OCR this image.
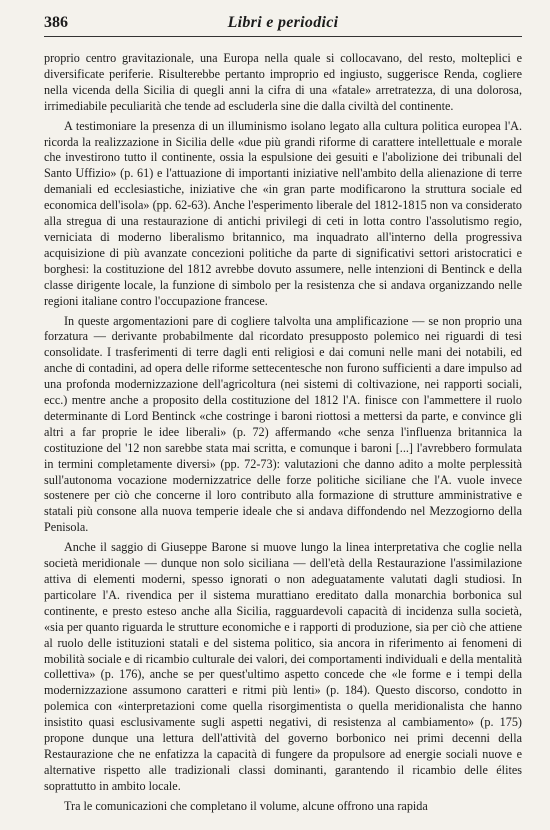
386	Libri e periodici

proprio centro gravitazionale, una Europa nella quale si collocavano, del resto, molteplici e diversificate periferie. Risulterebbe pertanto improprio ed ingiusto, suggerisce Renda, cogliere nella vicenda della Sicilia di quegli anni la cifra di una «fatale» arretratezza, di una dolorosa, irrimediabile peculiarità che tende ad escluderla sine die dalla civiltà del continente.

A testimoniare la presenza di un illuminismo isolano legato alla cultura politica europea l'A. ricorda la realizzazione in Sicilia delle «due più grandi riforme di carattere intellettuale e morale che investirono tutto il continente, ossia la espulsione dei gesuiti e l'abolizione dei tribunali del Santo Uffizio» (p. 61) e l'attuazione di importanti iniziative nell'ambito della alienazione di terre demaniali ed ecclesiastiche, iniziative che «in gran parte modificarono la struttura sociale ed economica dell'isola» (pp. 62-63). Anche l'esperimento liberale del 1812-1815 non va considerato alla stregua di una restaurazione di antichi privilegi di ceti in lotta contro l'assolutismo regio, verniciata di moderno liberalismo britannico, ma inquadrato all'interno della progressiva acquisizione di più avanzate concezioni politiche da parte di significativi settori aristocratici e borghesi: la costituzione del 1812 avrebbe dovuto assumere, nelle intenzioni di Bentinck e della classe dirigente locale, la funzione di simbolo per la resistenza che si andava organizzando nelle regioni italiane contro l'occupazione francese.

In queste argomentazioni pare di cogliere talvolta una amplificazione — se non proprio una forzatura — derivante probabilmente dal ricordato presupposto polemico nei riguardi di tesi consolidate. I trasferimenti di terre dagli enti religiosi e dai comuni nelle mani dei notabili, ed anche di contadini, ad opera delle riforme settecentesche non furono sufficienti a dare impulso ad una profonda modernizzazione dell'agricoltura (nei sistemi di coltivazione, nei rapporti sociali, ecc.) mentre anche a proposito della costituzione del 1812 l'A. finisce con l'ammettere il ruolo determinante di Lord Bentinck «che costringe i baroni riottosi a mettersi da parte, e convince gli altri a far proprie le idee liberali» (p. 72) affermando «che senza l'influenza britannica la costituzione del '12 non sarebbe stata mai scritta, e comunque i baroni [...] l'avrebbero formulata in termini completamente diversi» (pp. 72-73): valutazioni che danno adito a molte perplessità sull'autonoma vocazione modernizzatrice delle forze politiche siciliane che l'A. vuole invece sostenere per ciò che concerne il loro contributo alla formazione di strutture amministrative e statali più consone alla nuova temperie ideale che si andava diffondendo nel Mezzogiorno della Penisola.

Anche il saggio di Giuseppe Barone si muove lungo la linea interpretativa che coglie nella società meridionale — dunque non solo siciliana — dell'età della Restaurazione l'assimilazione attiva di elementi moderni, spesso ignorati o non adeguatamente valutati dagli studiosi. In particolare l'A. rivendica per il sistema murattiano ereditato dalla monarchia borbonica sul continente, e presto esteso anche alla Sicilia, ragguardevoli capacità di incidenza sulla società, «sia per quanto riguarda le strutture economiche e i rapporti di produzione, sia per ciò che attiene al ruolo delle istituzioni statali e del sistema politico, sia ancora in riferimento ai fenomeni di mobilità sociale e di ricambio culturale dei valori, dei comportamenti individuali e della mentalità collettiva» (p. 176), anche se per quest'ultimo aspetto concede che «le forme e i tempi della modernizzazione assumono caratteri e ritmi più lenti» (p. 184). Questo discorso, condotto in polemica con «interpretazioni come quella risorgimentista o quella meridionalista che hanno insistito quasi esclusivamente sugli aspetti negativi, di resistenza al cambiamento» (p. 175) propone dunque una lettura dell'attività del governo borbonico nei primi decenni della Restaurazione che ne enfatizza la capacità di fungere da propulsore ad energie sociali nuove e alternative rispetto alle tradizionali classi dominanti, garantendo il ricambio delle élites soprattutto in ambito locale.

Tra le comunicazioni che completano il volume, alcune offrono una rapida
